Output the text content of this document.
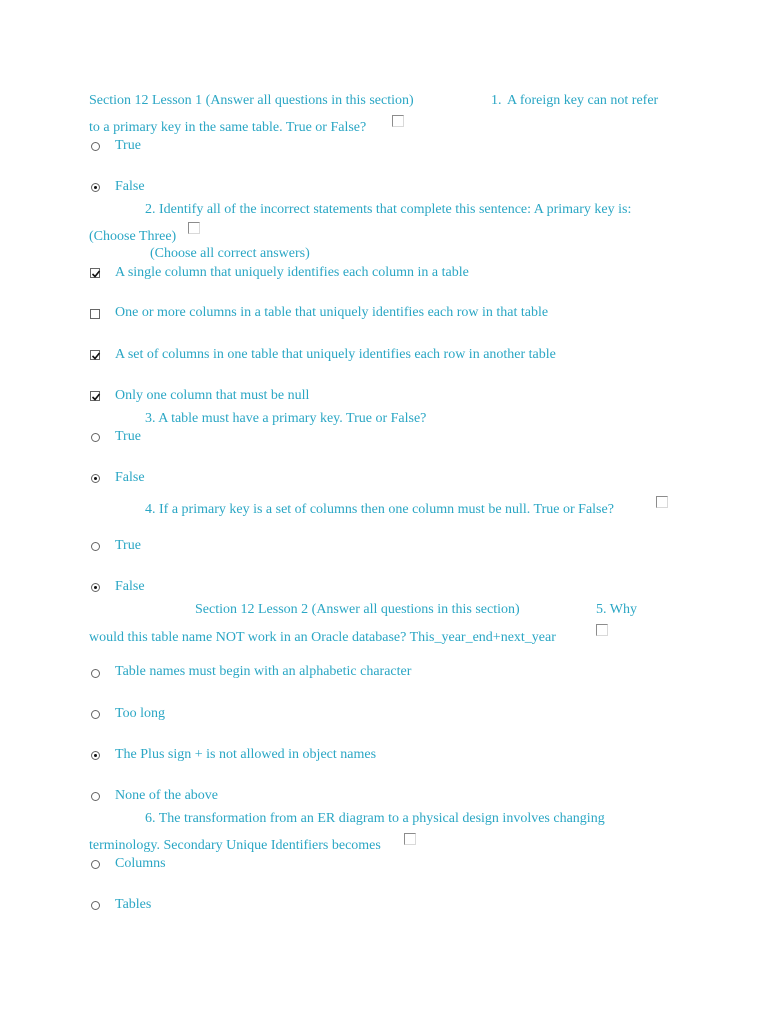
Section 12 Lesson 1 (Answer all questions in this section)	1. A foreign key can not refer
to a primary key in the same table. True or False?
True
False
2. Identify all of the incorrect statements that complete this sentence: A primary key is:
(Choose Three)
(Choose all correct answers)
A single column that uniquely identifies each column in a table
One or more columns in a table that uniquely identifies each row in that table
A set of columns in one table that uniquely identifies each row in another table
Only one column that must be null
3. A table must have a primary key. True or False?
True
False
4. If a primary key is a set of columns then one column must be null. True or False?
True
False
Section 12 Lesson 2 (Answer all questions in this section)	5. Why
would this table name NOT work in an Oracle database? This_year_end+next_year
Table names must begin with an alphabetic character
Too long
The Plus sign + is not allowed in object names
None of the above
6. The transformation from an ER diagram to a physical design involves changing
terminology. Secondary Unique Identifiers becomes
Columns
Tables
